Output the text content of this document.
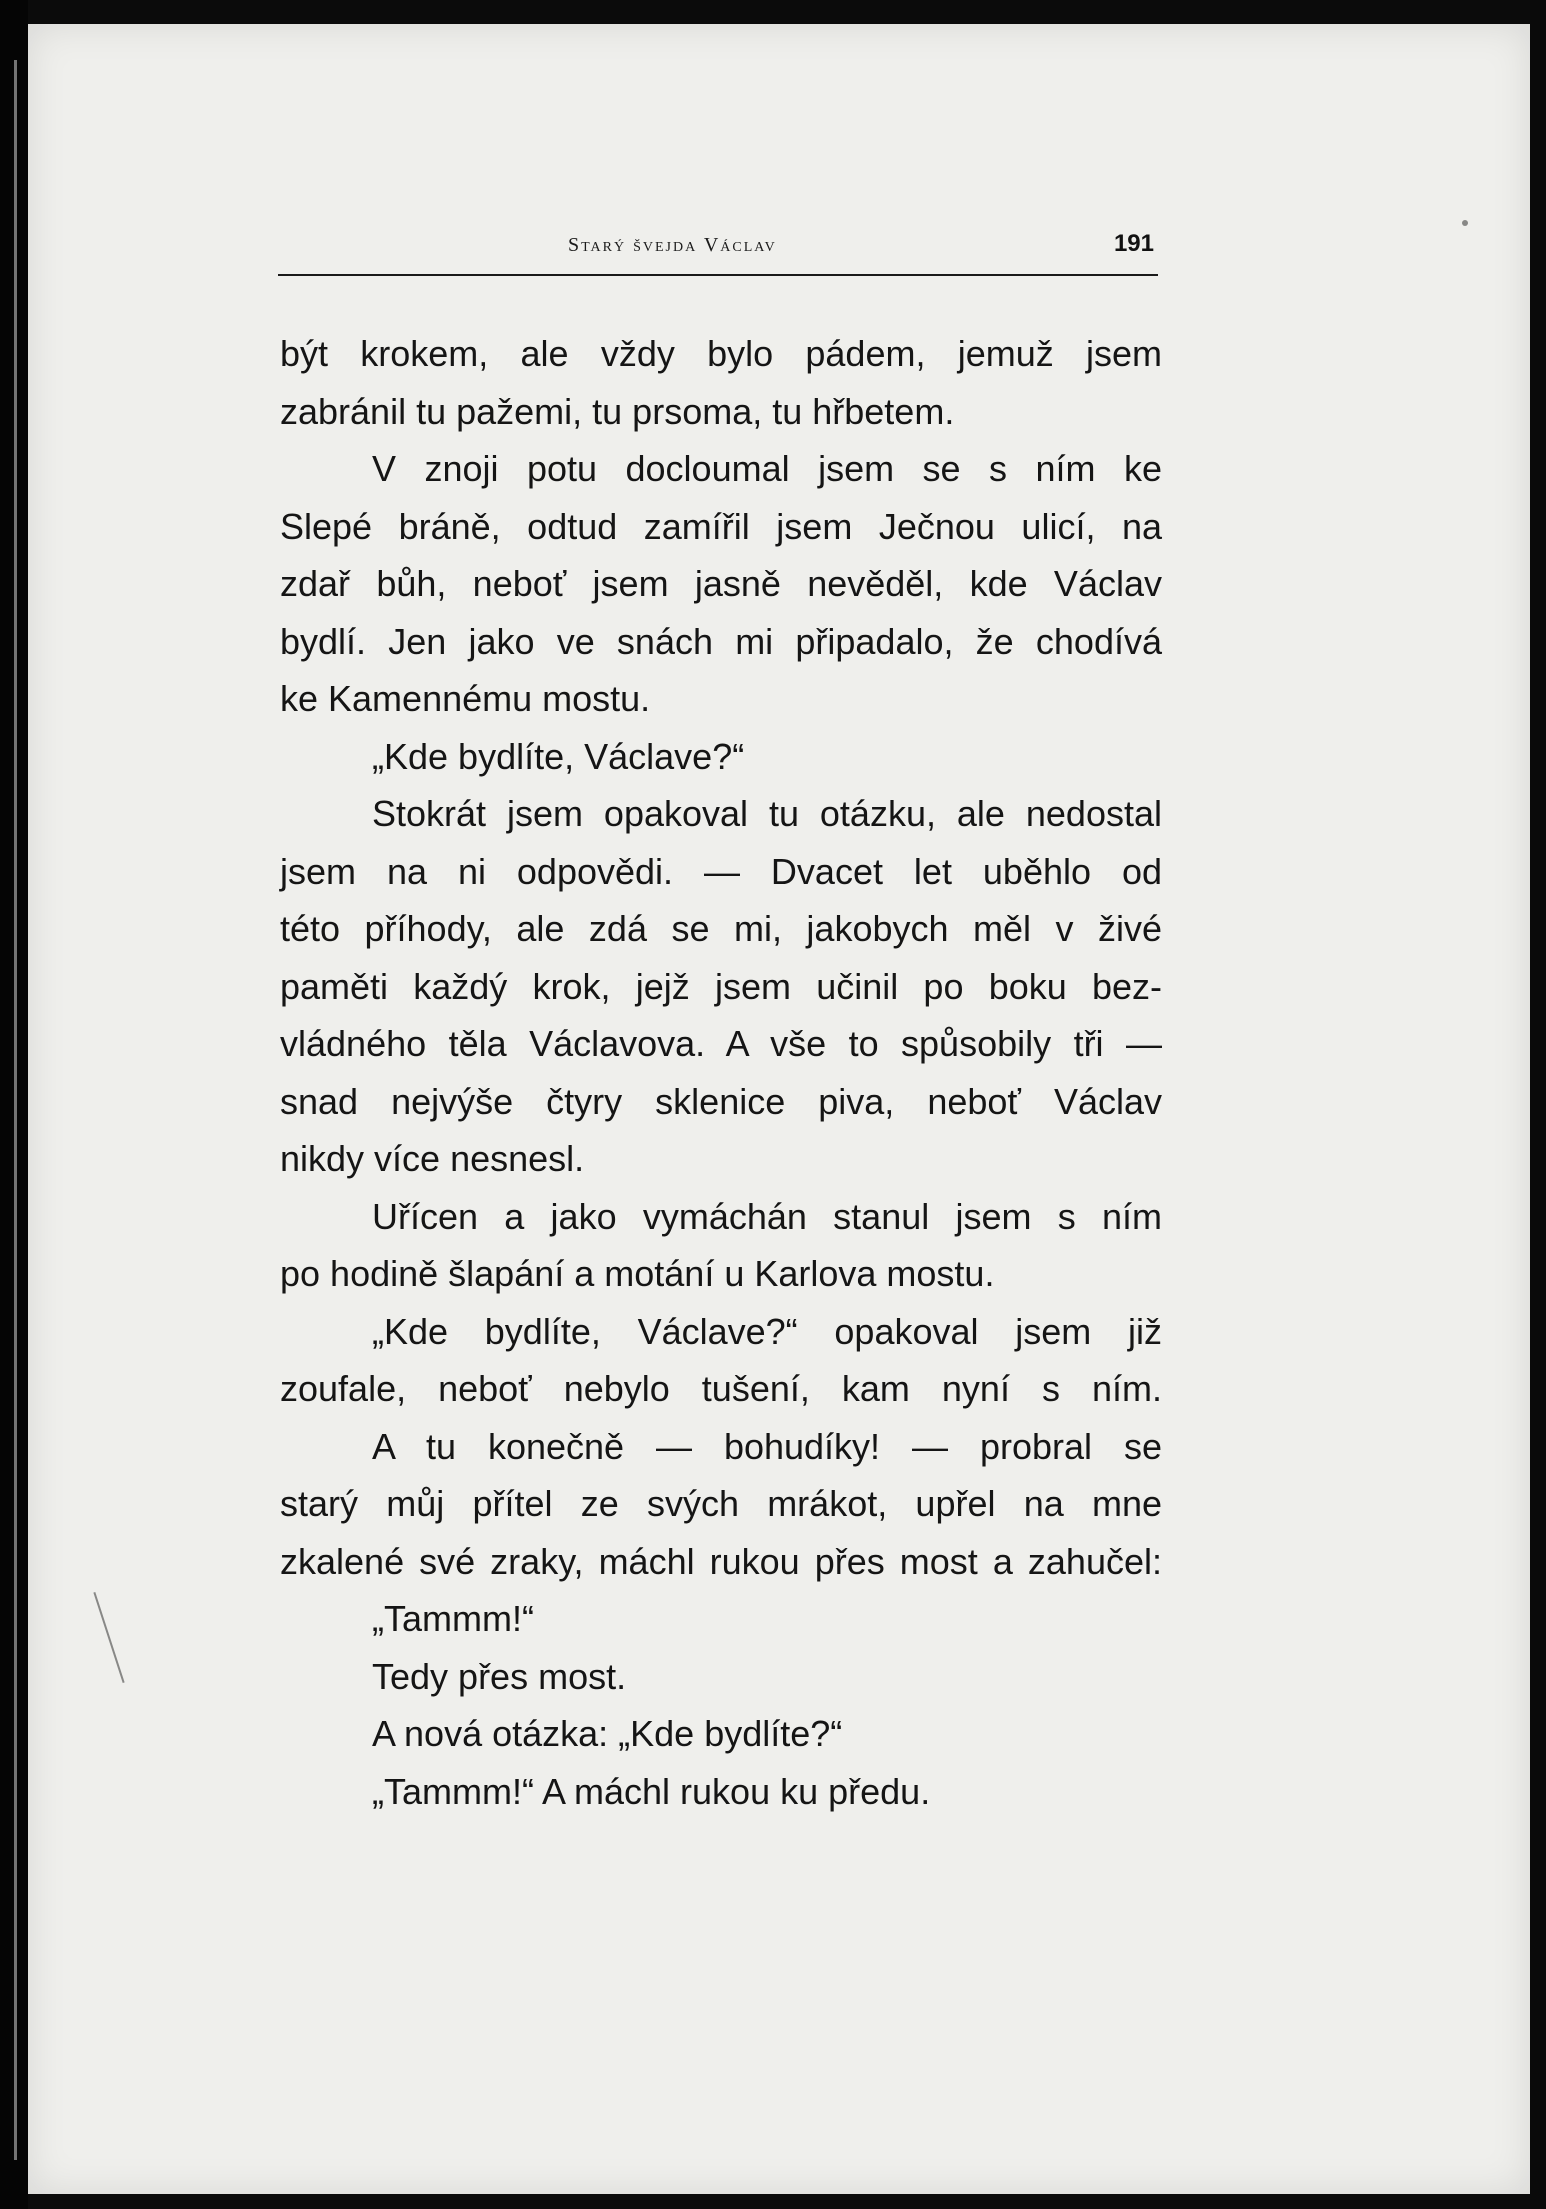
Starý švejda Václav	191
být krokem, ale vždy bylo pádem, jemuž jsem
zabránil tu pažemi, tu prsoma, tu hřbetem.
V znoji potu docloumal jsem se s ním ke
Slepé bráně, odtud zamířil jsem Ječnou ulicí, na
zdař bůh, neboť jsem jasně nevěděl, kde Václav
bydlí. Jen jako ve snách mi připadalo, že chodívá
ke Kamennému mostu.
„Kde bydlíte, Václave?“
Stokrát jsem opakoval tu otázku, ale nedostal
jsem na ni odpovědi. — Dvacet let uběhlo od
této příhody, ale zdá se mi, jakobych měl v živé
paměti každý krok, jejž jsem učinil po boku bez-
vládného těla Václavova. A vše to spůsobily tři —
snad nejvýše čtyry sklenice piva, neboť Václav
nikdy více nesnesl.
Uřícen a jako vymáchán stanul jsem s ním
po hodině šlapání a motání u Karlova mostu.
„Kde bydlíte, Václave?“ opakoval jsem již
zoufale, neboť nebylo tušení, kam nyní s ním.
A tu konečně — bohudíky! — probral se
starý můj přítel ze svých mrákot, upřel na mne
zkalené své zraky, máchl rukou přes most a zahučel:
„Tammm!“
Tedy přes most.
A nová otázka: „Kde bydlíte?“
„Tammm!“ A máchl rukou ku předu.
